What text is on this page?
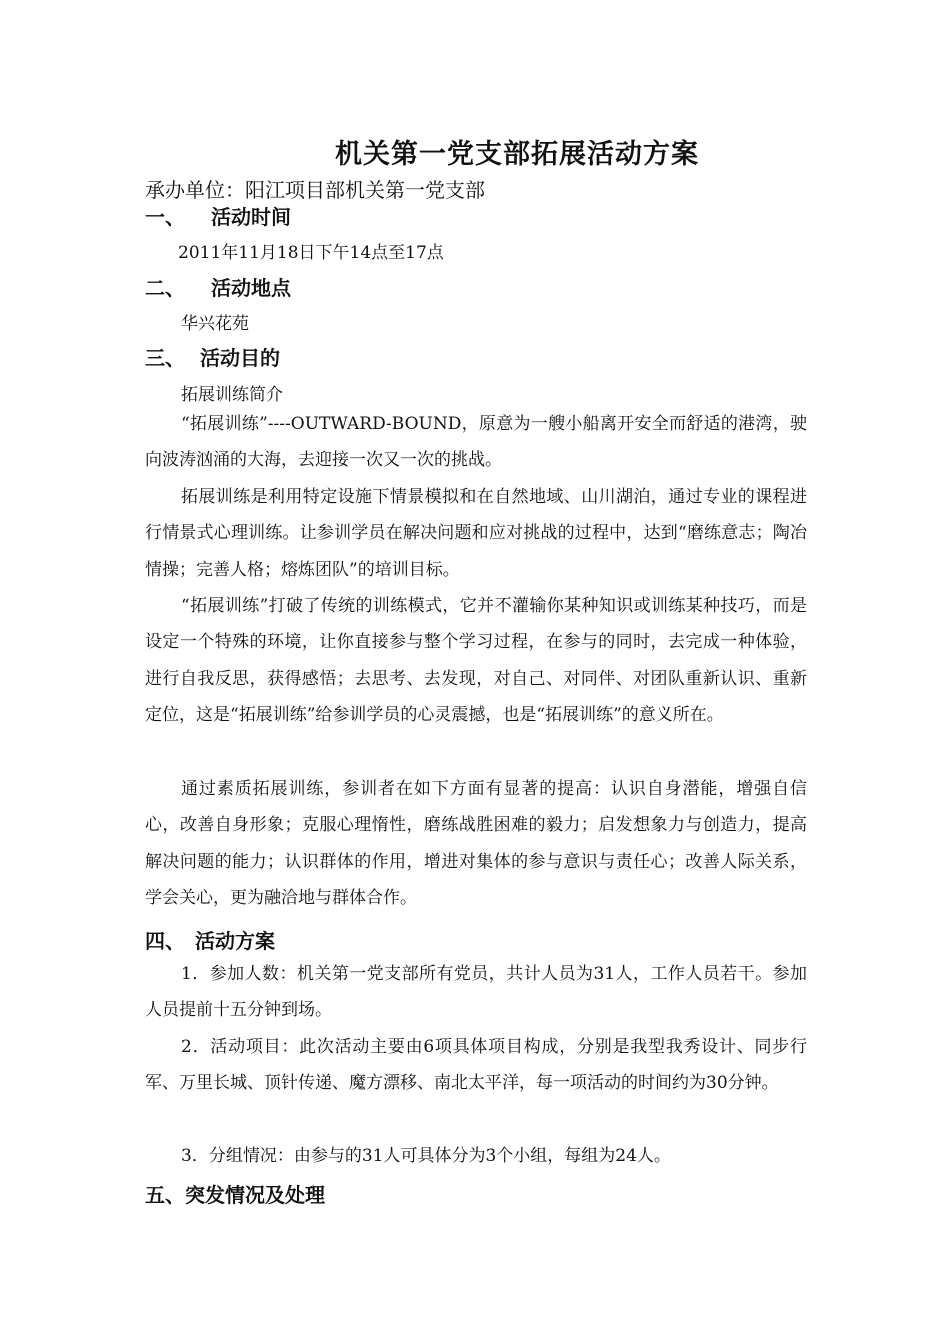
机关第一党支部拓展活动方案
承办单位：阳江项目部机关第一党支部
一、 活动时间
2011年11月18日下午14点至17点
二、 活动地点
华兴花苑
三、 活动目的
拓展训练简介

“拓展训练”----OUTWARD-BOUND，原意为一艘小船离开安全而舒适的港湾，驶向波涛汹涌的大海，去迎接一次又一次的挑战。

拓展训练是利用特定设施下情景模拟和在自然地域、山川湖泊，通过专业的课程进行情景式心理训练。让参训学员在解决问题和应对挑战的过程中，达到“磨练意志；陶冶情操；完善人格；熔炼团队”的培训目标。

“拓展训练”打破了传统的训练模式，它并不灌输你某种知识或训练某种技巧，而是设定一个特殊的环境，让你直接参与整个学习过程，在参与的同时，去完成一种体验，进行自我反思，获得感悟；去思考、去发现，对自己、对同伴、对团队重新认识、重新定位，这是“拓展训练”给参训学员的心灵震撼，也是“拓展训练”的意义所在。

通过素质拓展训练，参训者在如下方面有显著的提高：认识自身潜能，增强自信心，改善自身形象；克服心理惰性，磨练战胜困难的毅力；启发想象力与创造力，提高解决问题的能力；认识群体的作用，增进对集体的参与意识与责任心；改善人际关系，学会关心，更为融洽地与群体合作。

四、 活动方案

1．参加人数：机关第一党支部所有党员，共计人员为31人，工作人员若干。参加人员提前十五分钟到场。

2．活动项目：此次活动主要由6项具体项目构成，分别是我型我秀设计、同步行军、万里长城、顶针传递、魔方漂移、南北太平洋，每一项活动的时间约为30分钟。

3．分组情况：由参与的31人可具体分为3个小组，每组为24人。

五、突发情况及处理
